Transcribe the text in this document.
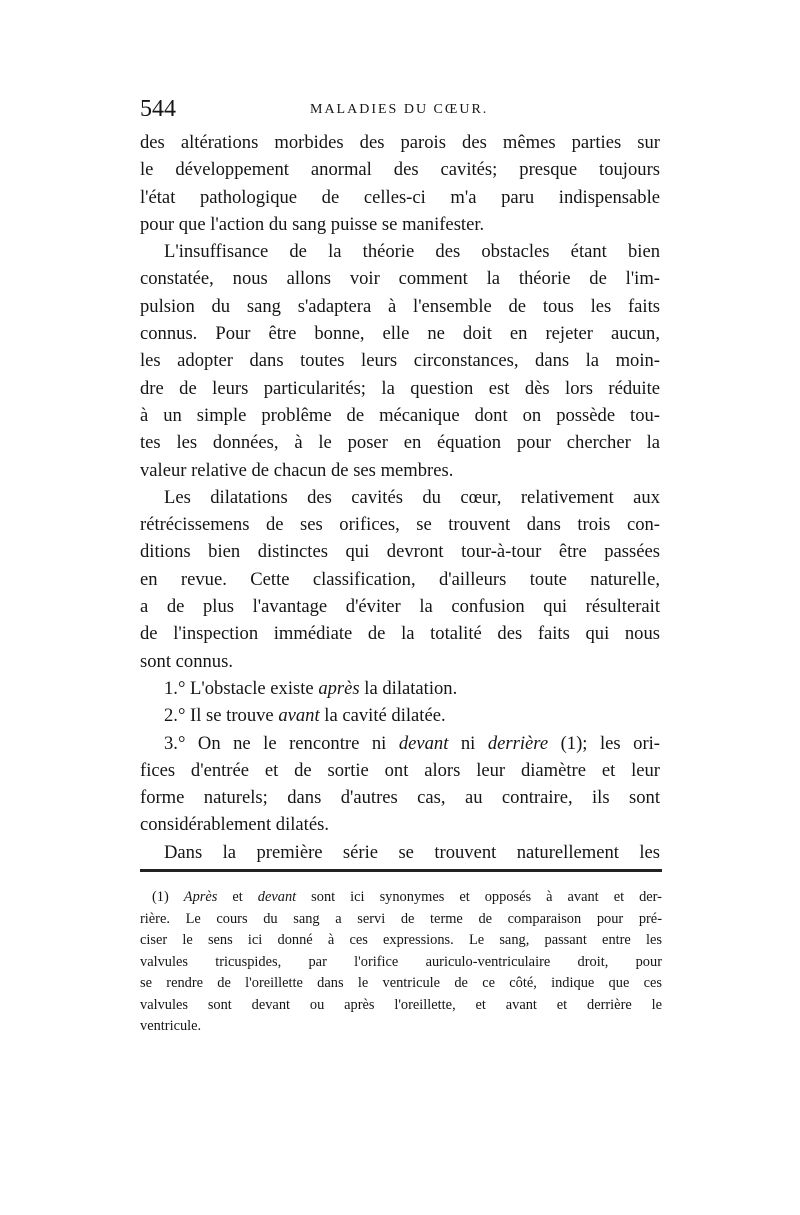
544	MALADIES DU CŒUR.
des altérations morbides des parois des mêmes parties sur
le développement anormal des cavités; presque toujours
l'état pathologique de celles-ci m'a paru indispensable
pour que l'action du sang puisse se manifester.
L'insuffisance de la théorie des obstacles étant bien
constatée, nous allons voir comment la théorie de l'im-
pulsion du sang s'adaptera à l'ensemble de tous les faits
connus. Pour être bonne, elle ne doit en rejeter aucun,
les adopter dans toutes leurs circonstances, dans la moin-
dre de leurs particularités; la question est dès lors réduite
à un simple problême de mécanique dont on possède tou-
tes les données, à le poser en équation pour chercher la
valeur relative de chacun de ses membres.
Les dilatations des cavités du cœur, relativement aux
rétrécissemens de ses orifices, se trouvent dans trois con-
ditions bien distinctes qui devront tour-à-tour être passées
en revue. Cette classification, d'ailleurs toute naturelle,
a de plus l'avantage d'éviter la confusion qui résulterait
de l'inspection immédiate de la totalité des faits qui nous
sont connus.
1.° L'obstacle existe après la dilatation.
2.° Il se trouve avant la cavité dilatée.
3.° On ne le rencontre ni devant ni derrière (1); les ori-
fices d'entrée et de sortie ont alors leur diamètre et leur
forme naturels; dans d'autres cas, au contraire, ils sont
considérablement dilatés.
Dans la première série se trouvent naturellement les
(1) Après et devant sont ici synonymes et opposés à avant et der-
rière. Le cours du sang a servi de terme de comparaison pour pré-
ciser le sens ici donné à ces expressions. Le sang, passant entre les
valvules tricuspides, par l'orifice auriculo-ventriculaire droit, pour
se rendre de l'oreillette dans le ventricule de ce côté, indique que ces
valvules sont devant ou après l'oreillette, et avant et derrière le
ventricule.
